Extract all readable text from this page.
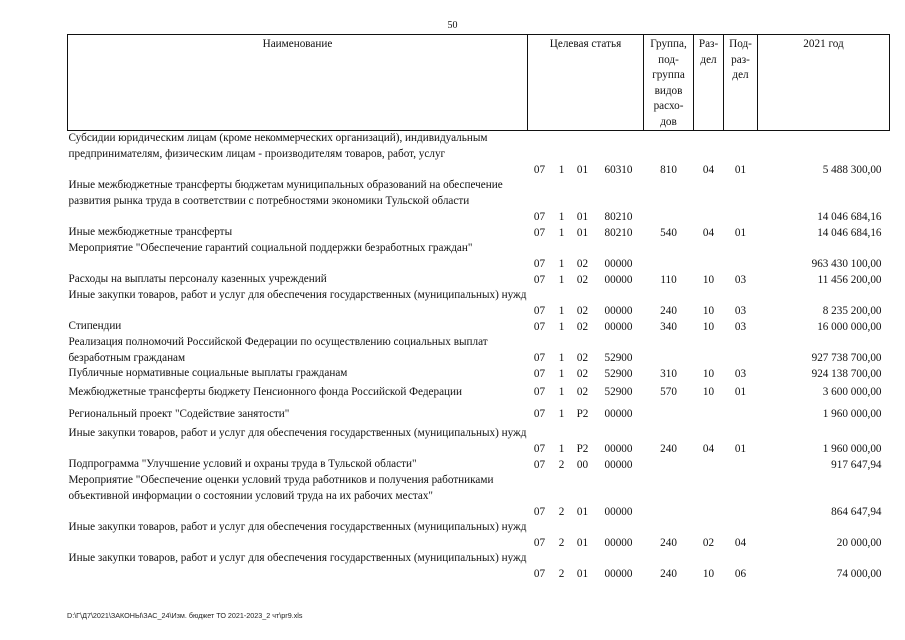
50
Наименование	Целевая статья				Группа, под- группа видов расхо- дов	Раз- дел	Под- раз- дел	2021 год
Субсидии юридическим лицам (кроме некоммерческих организаций), индивидуальным предпринимателям, физическим лицам - производителям товаров, работ, услуг	07	1	01	60310	810	04	01	5 488 300,00
Иные межбюджетные трансферты бюджетам муниципальных образований на обеспечение развития рынка труда в соответствии с потребностями экономики Тульской области	07	1	01	80210				14 046 684,16
Иные межбюджетные трансферты	07	1	01	80210	540	04	01	14 046 684,16
Мероприятие "Обеспечение гарантий социальной поддержки безработных граждан"	07	1	02	00000				963 430 100,00
Расходы на выплаты персоналу казенных учреждений	07	1	02	00000	110	10	03	11 456 200,00
Иные закупки товаров, работ и услуг для обеспечения государственных (муниципальных) нужд	07	1	02	00000	240	10	03	8 235 200,00
Стипендии	07	1	02	00000	340	10	03	16 000 000,00
Реализация полномочий Российской Федерации по осуществлению социальных выплат безработным гражданам	07	1	02	52900				927 738 700,00
Публичные нормативные социальные выплаты гражданам	07	1	02	52900	310	10	03	924 138 700,00
Межбюджетные трансферты бюджету Пенсионного фонда Российской Федерации	07	1	02	52900	570	10	01	3 600 000,00
Региональный проект "Содействие занятости"	07	1	P2	00000				1 960 000,00
Иные закупки товаров, работ и услуг для обеспечения государственных (муниципальных) нужд	07	1	P2	00000	240	04	01	1 960 000,00
Подпрограмма "Улучшение условий и охраны труда в Тульской области"	07	2	00	00000				917 647,94
Мероприятие "Обеспечение оценки условий труда работников и получения работниками объективной информации о состоянии условий труда на их рабочих местах"	07	2	01	00000				864 647,94
Иные закупки товаров, работ и услуг для обеспечения государственных (муниципальных) нужд	07	2	01	00000	240	02	04	20 000,00
Иные закупки товаров, работ и услуг для обеспечения государственных (муниципальных) нужд	07	2	01	00000	240	10	06	74 000,00
D:\Г\Д7\2021\ЗАКОНЫ\ЗАС_24\Изм. бюджет ТО 2021-2023_2 чт\pr9.xls
